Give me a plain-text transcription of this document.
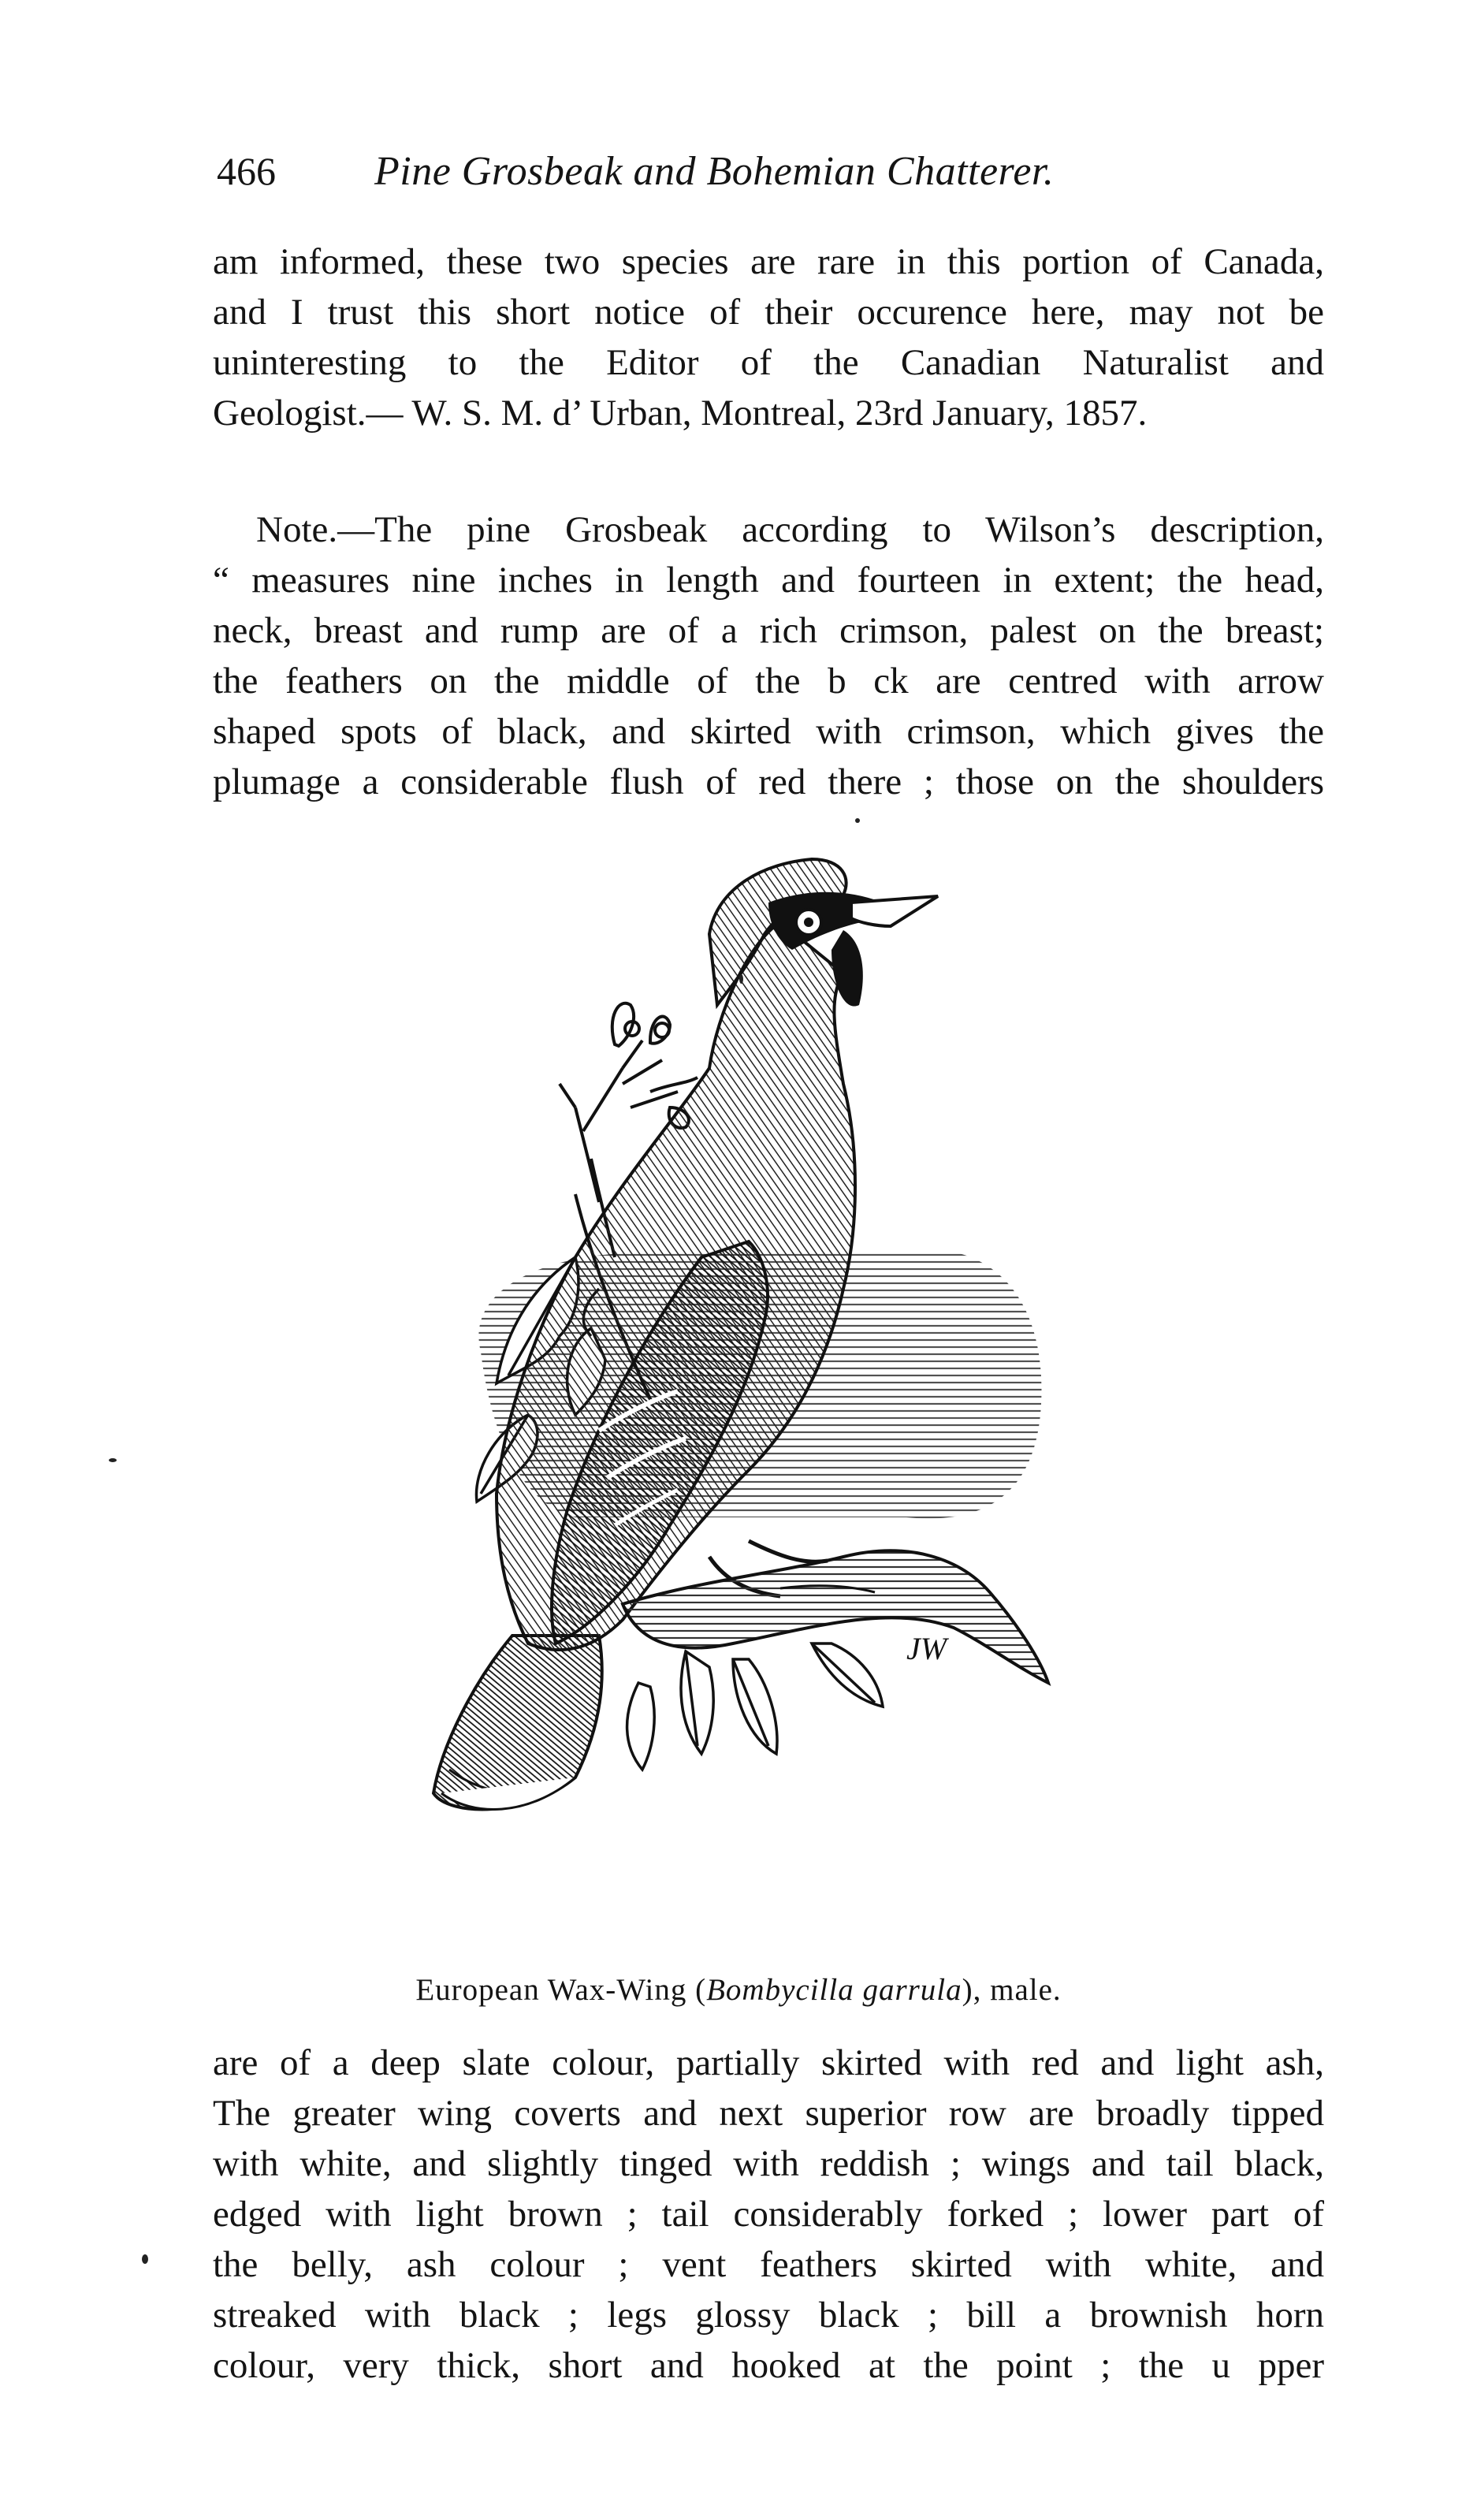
466 Pine Grosbeak and Bohemian Chatterer.
am informed, these two species are rare in this portion of Canada,
and I trust this short notice of their occurence here, may not be
uninteresting to the Editor of the Canadian Naturalist and
Geologist.— W. S. M. d’ Urban, Montreal, 23rd January, 1857.
Note.—The pine Grosbeak according to Wilson’s description,
“ measures nine inches in length and fourteen in extent; the head,
neck, breast and rump are of a rich crimson, palest on the breast;
the feathers on the middle of the b ck are centred with arrow
shaped spots of black, and skirted with crimson, which gives the
plumage a considerable flush of red there ; those on the shoulders
JW
European Wax-Wing (Bombycilla garrula), male.
are of a deep slate colour, partially skirted with red and light ash,
The greater wing coverts and next superior row are broadly tipped
with white, and slightly tinged with reddish ; wings and tail black,
edged with light brown ; tail considerably forked ; lower part of
the belly, ash colour ; vent feathers skirted with white, and
streaked with black ; legs glossy black ; bill a brownish horn
colour, very thick, short and hooked at the point ; the u pper
